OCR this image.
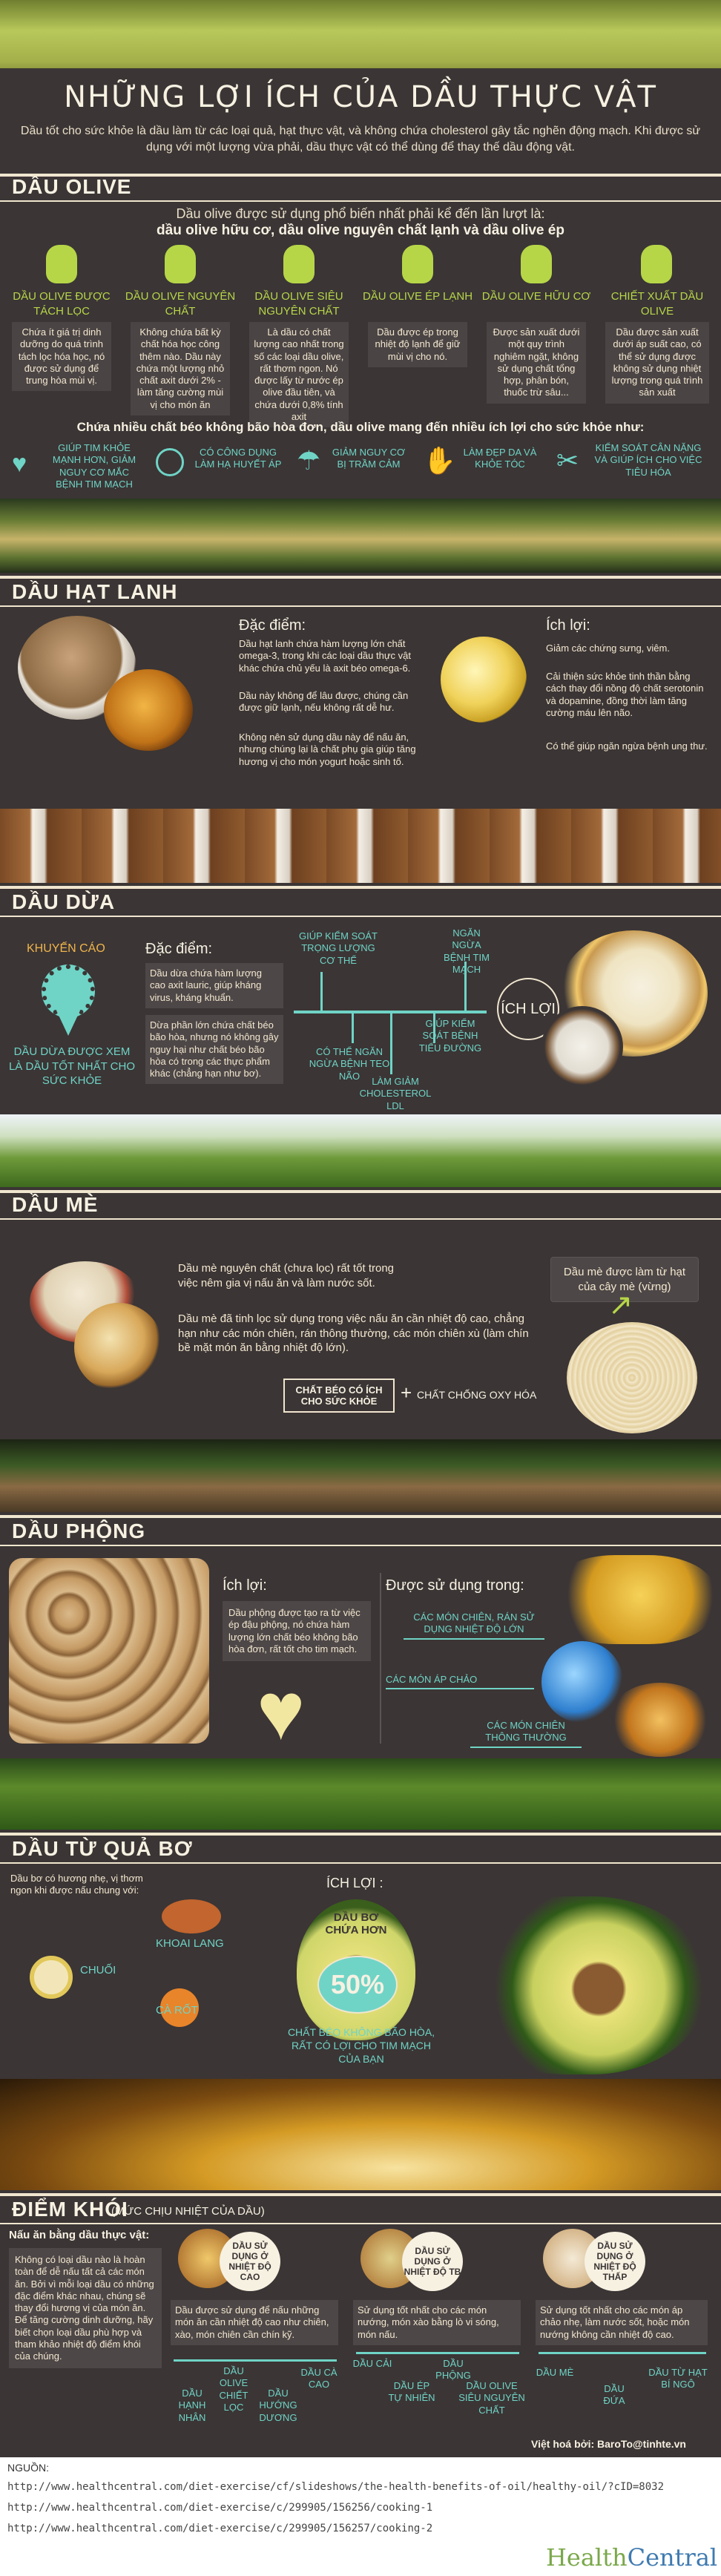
NHỮNG LỢI ÍCH CỦA DẦU THỰC VẬT
Dầu tốt cho sức khỏe là dầu làm từ các loại quả, hạt thực vật, và không chứa cholesterol gây tắc nghẽn động mạch. Khi được sử dụng với một lượng vừa phải, dầu thực vật có thể dùng để thay thế dầu động vật.
DẦU OLIVE
Dầu olive được sử dụng phổ biến nhất phải kể đến lần lượt là:
dầu olive hữu cơ, dầu olive nguyên chất lạnh và dầu olive ép
DẦU OLIVE ĐƯỢC TÁCH LỌC
Chứa ít giá trị dinh dưỡng do quá trình tách lọc hóa học, nó được sử dụng để trung hòa mùi vị.
DẦU OLIVE NGUYÊN CHẤT
Không chứa bất kỳ chất hóa học công thêm nào. Dầu này chứa một lượng nhỏ chất axit dưới 2% - làm tăng cường mùi vị cho món ăn
DẦU OLIVE SIÊU NGUYÊN CHẤT
Là dầu có chất lượng cao nhất trong số các loại dầu olive, rất thơm ngon. Nó được lấy từ nước ép olive đầu tiên, và chứa dưới 0,8% tính axit
DẦU OLIVE ÉP LẠNH
Dầu được ép trong nhiệt độ lạnh để giữ mùi vị cho nó.
DẦU OLIVE HỮU CƠ
Được sản xuất dưới một quy trình nghiêm ngặt, không sử dụng chất tổng hợp, phân bón, thuốc trừ sâu...
CHIẾT XUẤT DẦU OLIVE
Dầu được sản xuất dưới áp suất cao, có thể sử dụng được không sử dụng nhiệt lượng trong quá trình sản xuất
Chứa nhiều chất béo không bão hòa đơn, dầu olive mang đến nhiều ích lợi cho sức khỏe như:
♥
GIÚP TIM KHỎE MẠNH HƠN, GIẢM NGUY CƠ MẮC BỆNH TIM MẠCH
CÓ CÔNG DỤNG LÀM HẠ HUYẾT ÁP ☂	GIẢM NGUY CƠ BỊ TRẦM CẢM ✋ LÀM ĐẸP DA VÀ KHỎE TÓC	✂	KIỂM SOÁT CÂN NẶNG VÀ GIÚP ÍCH CHO VIỆC TIÊU HÓA
DẦU HẠT LANH
Đặc điểm:
Dầu hạt lanh chứa hàm lượng lớn chất omega-3, trong khi các loại dầu thực vật khác chứa chủ yếu là axit béo omega-6.
Dầu này không để lâu được, chúng cần được giữ lạnh, nếu không rất dễ hư.
Không nên sử dụng dầu này để nấu ăn, nhưng chúng lại là chất phụ gia giúp tăng hương vị cho món yogurt hoặc sinh tố.
Ích lợi:
Giảm các chứng sưng, viêm.
Cải thiện sức khỏe tinh thần bằng cách thay đổi nồng độ chất serotonin và dopamine, đồng thời làm tăng cường máu lên não.
Có thể giúp ngăn ngừa bệnh ung thư.
DẦU DỪA
KHUYẾN CÁO
DẦU DỪA ĐƯỢC XEM LÀ DẦU TỐT NHẤT CHO SỨC KHỎE
Đặc điểm:
Dầu dừa chứa hàm lượng cao axit lauric, giúp kháng virus, kháng khuẩn.
Dừa phần lớn chứa chất béo bão hòa, nhưng nó không gây nguy hại như chất béo bão hòa có trong các thực phẩm khác (chẳng hạn như bơ).
GIÚP KIỂM SOÁT TRỌNG LƯỢNG CƠ THỂ
CÓ THỂ NGĂN NGỪA BỆNH TEO NÃO	LÀM GIẢM CHOLESTEROL LDL
GIÚP KIỂM SOÁT BỆNH TIỂU ĐƯỜNG
NGĂN NGỪA BỆNH TIM MẠCH
ÍCH LỢI
DẦU MÈ
Dầu mè nguyên chất (chưa lọc) rất tốt trong việc nêm gia vị nấu ăn và làm nước sốt.
Dầu mè đã tinh lọc sử dụng trong việc nấu ăn cần nhiệt độ cao, chẳng hạn như các món chiên, rán thông thường, các món chiên xù (làm chín bề mặt món ăn bằng nhiệt độ lớn).
Dầu mè được làm từ hạt của cây mè (vừng)
↗
CHẤT BÉO CÓ ÍCH CHO SỨC KHỎE	+ CHẤT CHỐNG OXY HÓA
DẦU PHỘNG
Ích lợi:
Dầu phộng được tạo ra từ việc ép đậu phộng, nó chứa hàm lượng lớn chất béo không bão hòa đơn, rất tốt cho tim mạch.
♥
Được sử dụng trong:
CÁC MÓN CHIÊN, RÁN SỬ DỤNG NHIỆT ĐỘ LỚN
CÁC MÓN ÁP CHẢO
CÁC MÓN CHIÊN THÔNG THƯỜNG
DẦU TỪ QUẢ BƠ
Dầu bơ có hương nhẹ, vị thơm ngon khi được nấu chung với:
KHOAI LANG
CHUỐI
CÀ RỐT
ÍCH LỢI :
DẦU BƠ CHỨA HƠN
50%
CHẤT BÉO KHÔNG BÃO HÒA, RẤT CÓ LỢI CHO TIM MẠCH CỦA BẠN
ĐIỂM KHÓI
(MỨC CHỊU NHIỆT CỦA DẦU)
Nấu ăn bằng dầu thực vật:
Không có loại dầu nào là hoàn toàn để dễ nấu tất cả các món ăn. Bởi vì mỗi loại dầu có những đặc điểm khác nhau, chúng sẽ thay đổi hương vị của món ăn. Để tăng cường dinh dưỡng, hãy biết chọn loại dầu phù hợp và tham khảo nhiệt độ điểm khói của chúng.
DẦU SỬ DỤNG Ở NHIỆT ĐỘ CAO
Dầu được sử dụng để nấu những món ăn cần nhiệt độ cao như chiên, xào, món chiên cần chín kỹ.
DẦU HẠNH NHÂN
DẦU OLIVE CHIẾT LỌC
DẦU HƯỚNG DƯƠNG
DẦU CÀ CAO
DẦU SỬ DỤNG Ở NHIỆT ĐỘ TB
Sử dụng tốt nhất cho các món nướng, món xào bằng lò vi sóng, món nấu.
DẦU CẢI
DẦU ÉP TỰ NHIÊN
DẦU PHỘNG
DẦU OLIVE SIÊU NGUYÊN CHẤT
DẦU SỬ DỤNG Ở NHIỆT ĐỘ THẤP
Sử dụng tốt nhất cho các món áp chảo nhẹ, làm nước sốt, hoặc món nướng không cần nhiệt độ cao.
DẦU MÈ
DẦU ĐỨA
DẦU TỪ HẠT BÍ NGÔ
Việt hoá bởi: BaroTo@tinhte.vn
NGUỒN:
http://www.healthcentral.com/diet-exercise/cf/slideshows/the-health-benefits-of-oil/healthy-oil/?cID=8032
http://www.healthcentral.com/diet-exercise/c/299905/156256/cooking-1
http://www.healthcentral.com/diet-exercise/c/299905/156257/cooking-2
HealthCentral
